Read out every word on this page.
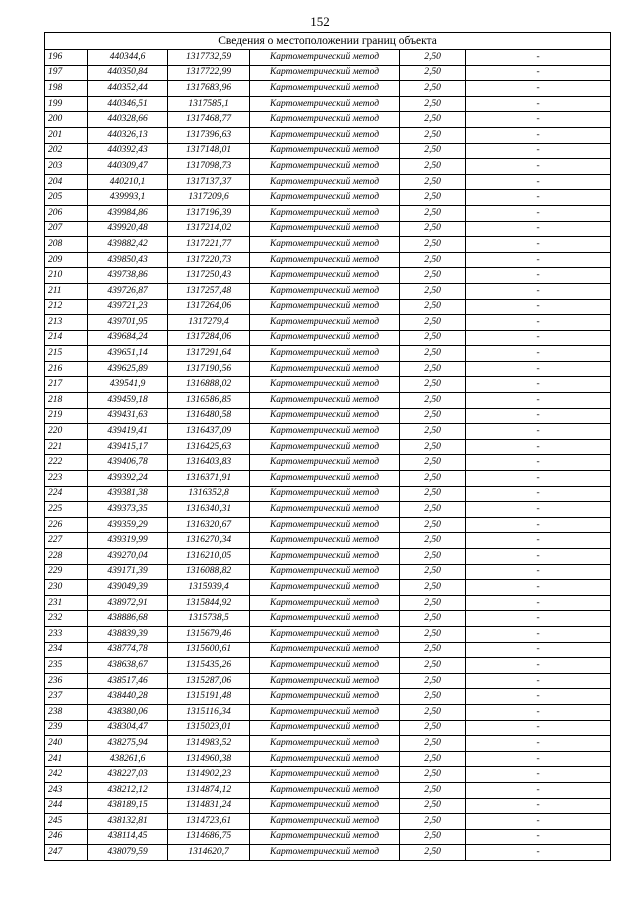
152
Сведения о местоположении границ объекта					
196	440344,6	1317732,59	Картометрический метод	2,50	-
197	440350,84	1317722,99	Картометрический метод	2,50	-
198	440352,44	1317683,96	Картометрический метод	2,50	-
199	440346,51	1317585,1	Картометрический метод	2,50	-
200	440328,66	1317468,77	Картометрический метод	2,50	-
201	440326,13	1317396,63	Картометрический метод	2,50	-
202	440392,43	1317148,01	Картометрический метод	2,50	-
203	440309,47	1317098,73	Картометрический метод	2,50	-
204	440210,1	1317137,37	Картометрический метод	2,50	-
205	439993,1	1317209,6	Картометрический метод	2,50	-
206	439984,86	1317196,39	Картометрический метод	2,50	-
207	439920,48	1317214,02	Картометрический метод	2,50	-
208	439882,42	1317221,77	Картометрический метод	2,50	-
209	439850,43	1317220,73	Картометрический метод	2,50	-
210	439738,86	1317250,43	Картометрический метод	2,50	-
211	439726,87	1317257,48	Картометрический метод	2,50	-
212	439721,23	1317264,06	Картометрический метод	2,50	-
213	439701,95	1317279,4	Картометрический метод	2,50	-
214	439684,24	1317284,06	Картометрический метод	2,50	-
215	439651,14	1317291,64	Картометрический метод	2,50	-
216	439625,89	1317190,56	Картометрический метод	2,50	-
217	439541,9	1316888,02	Картометрический метод	2,50	-
218	439459,18	1316586,85	Картометрический метод	2,50	-
219	439431,63	1316480,58	Картометрический метод	2,50	-
220	439419,41	1316437,09	Картометрический метод	2,50	-
221	439415,17	1316425,63	Картометрический метод	2,50	-
222	439406,78	1316403,83	Картометрический метод	2,50	-
223	439392,24	1316371,91	Картометрический метод	2,50	-
224	439381,38	1316352,8	Картометрический метод	2,50	-
225	439373,35	1316340,31	Картометрический метод	2,50	-
226	439359,29	1316320,67	Картометрический метод	2,50	-
227	439319,99	1316270,34	Картометрический метод	2,50	-
228	439270,04	1316210,05	Картометрический метод	2,50	-
229	439171,39	1316088,82	Картометрический метод	2,50	-
230	439049,39	1315939,4	Картометрический метод	2,50	-
231	438972,91	1315844,92	Картометрический метод	2,50	-
232	438886,68	1315738,5	Картометрический метод	2,50	-
233	438839,39	1315679,46	Картометрический метод	2,50	-
234	438774,78	1315600,61	Картометрический метод	2,50	-
235	438638,67	1315435,26	Картометрический метод	2,50	-
236	438517,46	1315287,06	Картометрический метод	2,50	-
237	438440,28	1315191,48	Картометрический метод	2,50	-
238	438380,06	1315116,34	Картометрический метод	2,50	-
239	438304,47	1315023,01	Картометрический метод	2,50	-
240	438275,94	1314983,52	Картометрический метод	2,50	-
241	438261,6	1314960,38	Картометрический метод	2,50	-
242	438227,03	1314902,23	Картометрический метод	2,50	-
243	438212,12	1314874,12	Картометрический метод	2,50	-
244	438189,15	1314831,24	Картометрический метод	2,50	-
245	438132,81	1314723,61	Картометрический метод	2,50	-
246	438114,45	1314686,75	Картометрический метод	2,50	-
247	438079,59	1314620,7	Картометрический метод	2,50	-
